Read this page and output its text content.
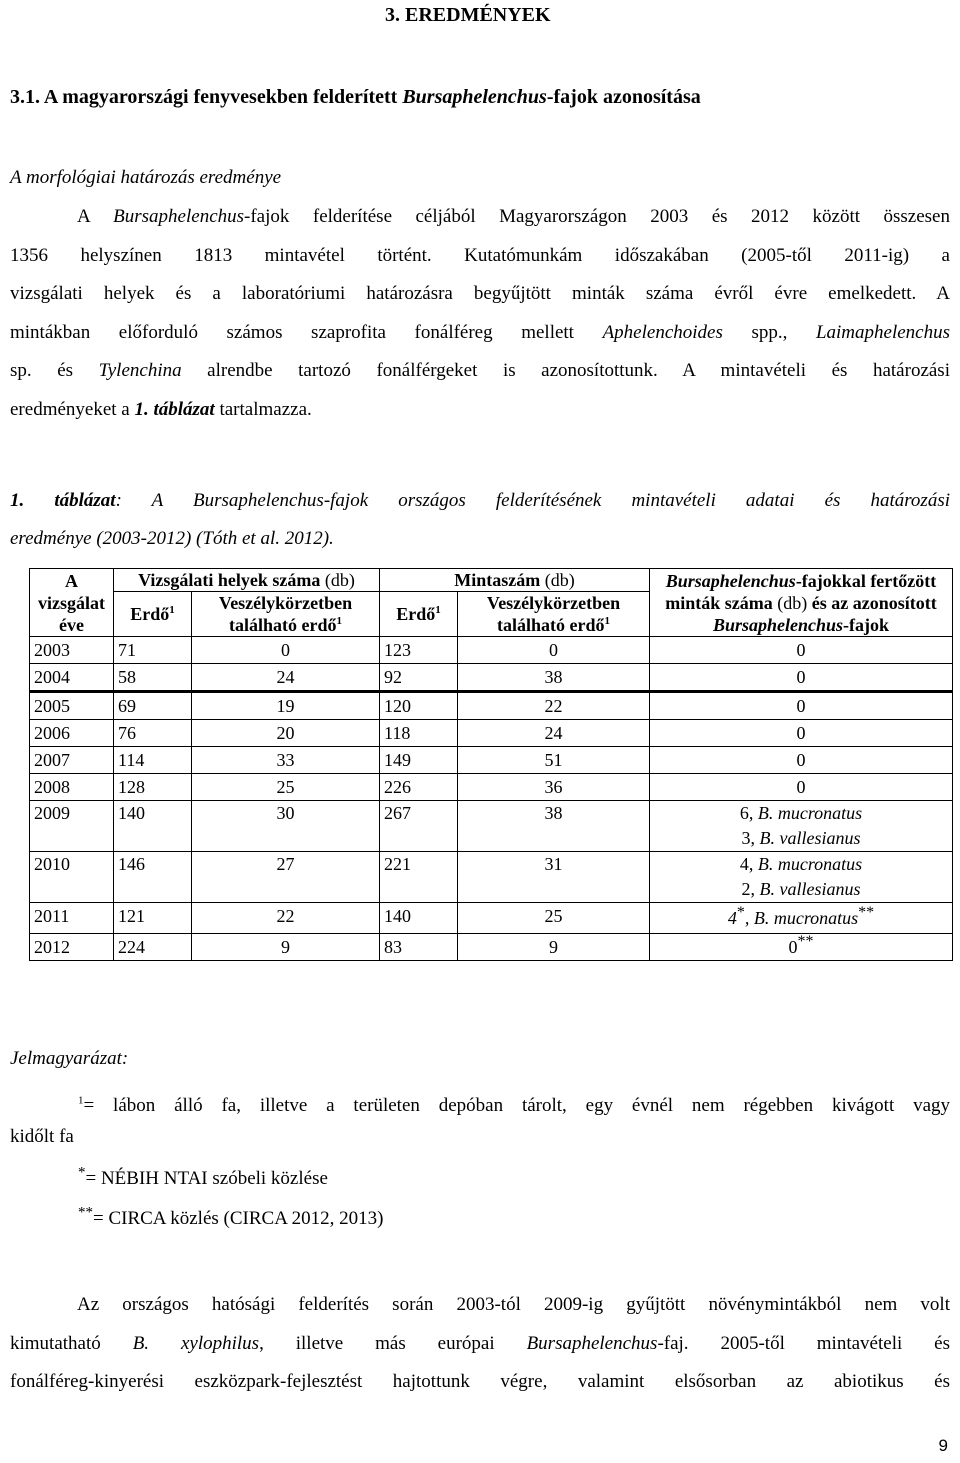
3. EREDMÉNYEK
3.1. A magyarországi fenyvesekben felderített Bursaphelenchus-fajok azonosítása
A morfológiai határozás eredménye
A Bursaphelenchus-fajok felderítése céljából Magyarországon 2003 és 2012 között összesen
1356 helyszínen 1813 mintavétel történt. Kutatómunkám időszakában (2005-től 2011-ig) a
vizsgálati helyek és a laboratóriumi határozásra begyűjtött minták száma évről évre emelkedett. A
mintákban előforduló számos szaprofita fonálféreg mellett Aphelenchoides spp., Laimaphelenchus
sp. és Tylenchina alrendbe tartozó fonálférgeket is azonosítottunk. A mintavételi és határozási
eredményeket a 1. táblázat tartalmazza.
1. táblázat: A Bursaphelenchus-fajok országos felderítésének mintavételi adatai és határozási
eredménye (2003-2012) (Tóth et al. 2012).
A vizsgálat éve	Vizsgálati helyek száma (db)		Mintaszám (db)		Bursaphelenchus-fajokkal fertőzött minták száma (db) és az azonosított
Bursaphelenchus-fajok
	Erdő$^1$	Veszélykörzetben található erdő$^1$	Erdő$^1$	Veszélykörzetben található erdő$^1$
2003	71	0	123	0	0
2004	58	24	92	38	0
2005	69	19	120	22	0
2006	76	20	118	24	0
2007	114	33	149	51	0
2008	128	25	226	36	0
2009	140	30	267	38	6, B. mucronatus
3, B. vallesianus
2010	146	27	221	31	4, B. mucronatus
2, B. vallesianus
2011	121	22	140	25	4*, B. mucronatus**
2012	224	9	83	9	0**
Jelmagyarázat:
$^1$= lábon álló fa, illetve a területen depóban tárolt, egy évnél nem régebben kivágott vagy
kidőlt fa
*= NÉBIH NTAI szóbeli közlése
**= CIRCA közlés (CIRCA 2012, 2013)
Az országos hatósági felderítés során 2003-tól 2009-ig gyűjtött növénymintákból nem volt
kimutatható B. xylophilus, illetve más európai Bursaphelenchus-faj. 2005-től mintavételi és
fonálféreg-kinyerési eszközpark-fejlesztést hajtottunk végre, valamint elsősorban az abiotikus és
9
